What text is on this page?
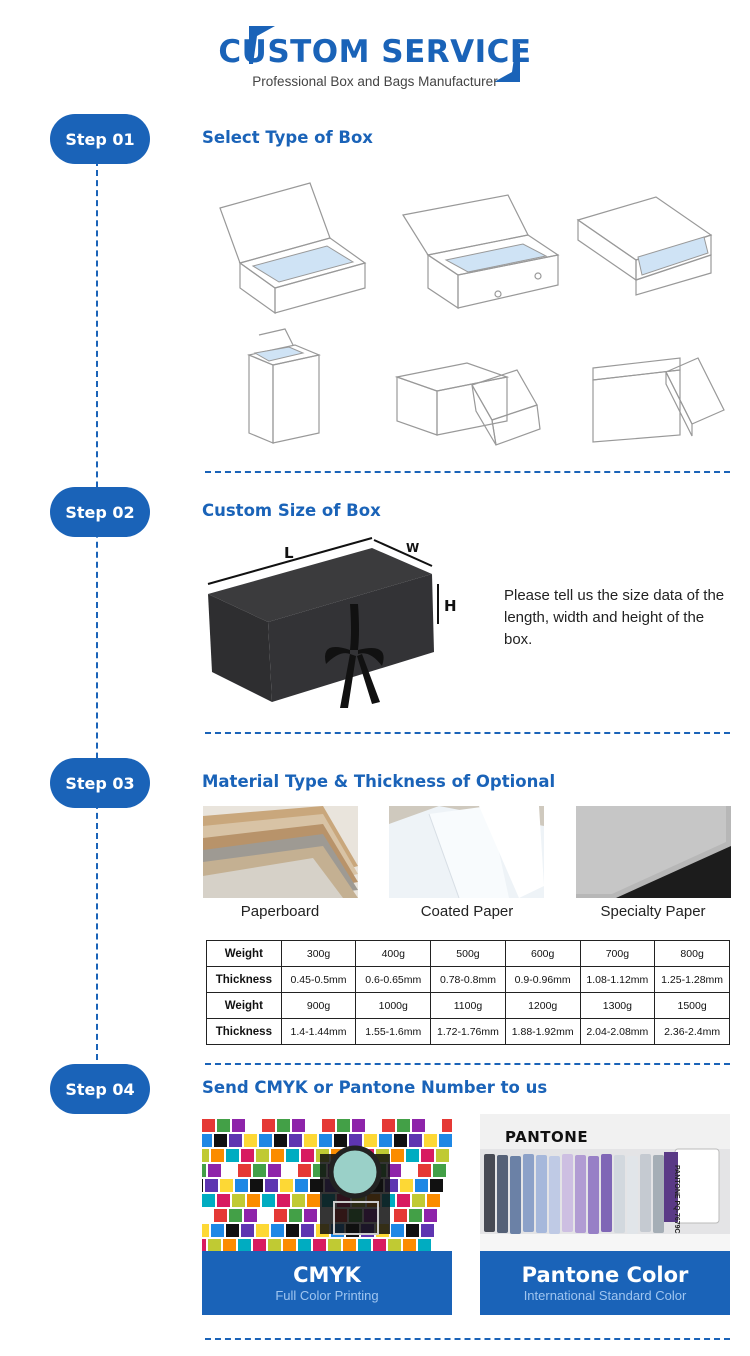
CUSTOM SERVICE
Professional Box and Bags Manufacturer
Step 01	Select Type of Box
Step 02	Custom Size of Box
L	W
H
Please tell us the size data of the length, width and height of the box.
Step 03	Material Type & Thickness of Optional
Paperboard	Coated Paper	Specialty Paper
Weight	300g	400g	500g	600g	700g	800g
Thickness	0.45-0.5mm	0.6-0.65mm	0.78-0.8mm	0.9-0.96mm	1.08-1.12mm	1.25-1.28mm
Weight	900g	1000g	1100g	1200g	1300g	1500g
Thickness	1.4-1.44mm	1.55-1.6mm	1.72-1.76mm	1.88-1.92mm	2.04-2.08mm	2.36-2.4mm
Step 04	Send CMYK or Pantone Number to us
CMYK
Full Color Printing
PANTONE
PANTONE PQ-7679C
Pantone Color
International Standard Color
